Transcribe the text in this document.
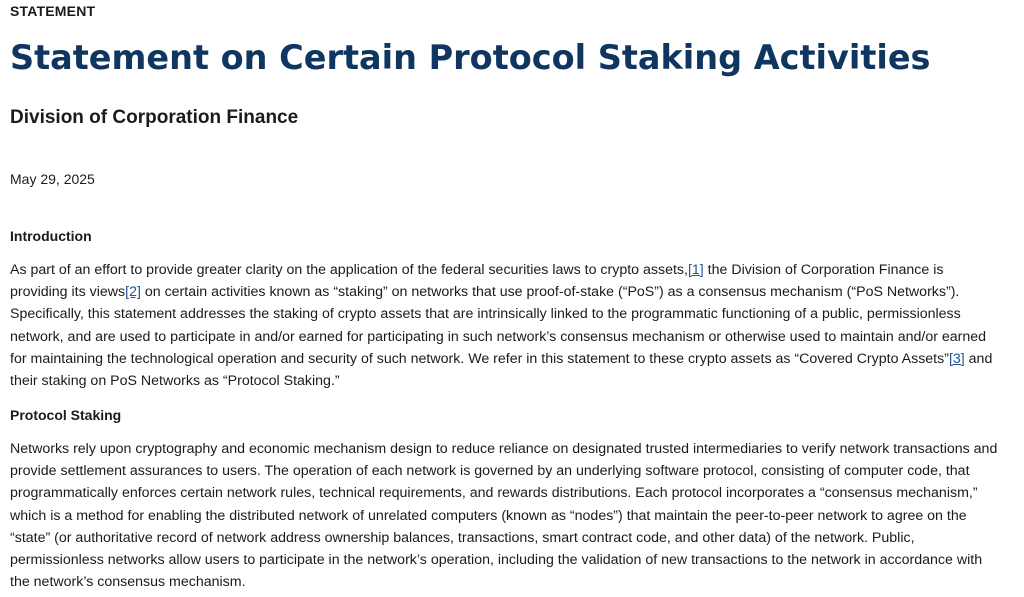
STATEMENT
Statement on Certain Protocol Staking Activities
Division of Corporation Finance
May 29, 2025
Introduction

As part of an effort to provide greater clarity on the application of the federal securities laws to crypto assets,[1] the Division of Corporation Finance is providing its views[2] on certain activities known as “staking” on networks that use proof-of-stake (“PoS”) as a consensus mechanism (“PoS Networks”). Specifically, this statement addresses the staking of crypto assets that are intrinsically linked to the programmatic functioning of a public, permissionless network, and are used to participate in and/or earned for participating in such network’s consensus mechanism or otherwise used to maintain and/or earned for maintaining the technological operation and security of such network. We refer in this statement to these crypto assets as “Covered Crypto Assets”[3] and their staking on PoS Networks as “Protocol Staking.”

Protocol Staking

Networks rely upon cryptography and economic mechanism design to reduce reliance on designated trusted intermediaries to verify network transactions and provide settlement assurances to users. The operation of each network is governed by an underlying software protocol, consisting of computer code, that programmatically enforces certain network rules, technical requirements, and rewards distributions. Each protocol incorporates a “consensus mechanism,” which is a method for enabling the distributed network of unrelated computers (known as “nodes”) that maintain the peer-to-peer network to agree on the “state” (or authoritative record of network address ownership balances, transactions, smart contract code, and other data) of the network. Public, permissionless networks allow users to participate in the network’s operation, including the validation of new transactions to the network in accordance with the network’s consensus mechanism.
